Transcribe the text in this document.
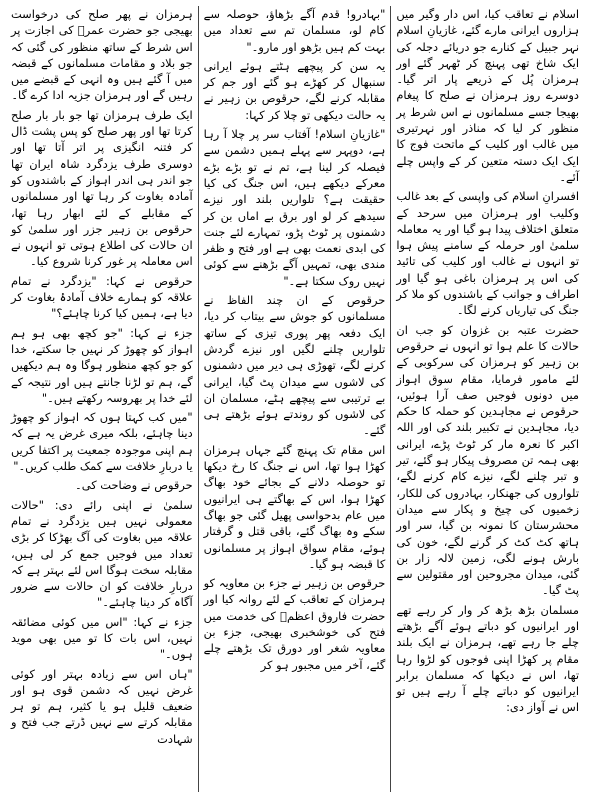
اسلام نے تعاقب کیا، اس دار وگیر میں ہزاروں ایرانی مارے گئے، غازیانِ اسلام نہر جبیل کے کنارے جو دریائے دجلہ کی ایک شاخ تھی پہنچ کر ٹھہر گئے اور ہرمزان پُل کے ذریعے پار اتر گیا۔ دوسرے روز ہرمزان نے صلح کا پیغام بھیجا جسے مسلمانوں نے اس شرط پر منظور کر لیا کہ مناذر اور نہرتیری میں غالب اور کلیب کے ماتحت فوج کا ایک ایک دستہ متعین کر کے واپس چلے آئے۔

افسرانِ اسلام کی واپسی کے بعد غالب وکلیب اور ہرمزان میں سرحد کے متعلق اختلاف پیدا ہو گیا اور یہ معاملہ سلمیٰ اور حرملہ کے سامنے پیش ہوا تو انہوں نے غالب اور کلیب کی تائید کی اس پر ہرمزان باغی ہو گیا اور اطراف و جوانب کے باشندوں کو ملا کر جنگ کی تیاریاں کرنے لگا۔

حضرت عتبہ بن غزوان کو جب ان حالات کا علم ہوا تو انہوں نے حرقوص بن زہیر کو ہرمزان کی سرکوبی کے لئے مامور فرمایا، مقام سوق اہواز میں دونوں فوجیں صف آرا ہوئیں، حرقوص نے مجاہدین کو حملہ کا حکم دیا، مجاہدین نے تکبیر بلند کی اور اللہ اکبر کا نعرہ مار کر ٹوٹ پڑے، ایرانی بھی ہمہ تن مصروف پیکار ہو گئے، تیر و تبر چلنے لگے، نیزے کام کرنے لگے، تلواروں کی جھنکار، بہادروں کی للکار، زخمیوں کی چیخ و پکار سے میدان محشرستان کا نمونہ بن گیا، سر اور ہاتھ کٹ کٹ کر گرنے لگے، خون کی بارش ہونے لگی، زمین لالہ زار بن گئی، میدان مجروحین اور مقتولین سے پٹ گیا۔

مسلمان بڑھ بڑھ کر وار کر رہے تھے اور ایرانیوں کو دباتے ہوئے آگے بڑھتے چلے جا رہے تھے، ہرمزان نے ایک بلند مقام پر کھڑا اپنی فوجوں کو لڑوا رہا تھا، اس نے دیکھا کہ مسلمان برابر ایرانیوں کو دباتے چلے آ رہے ہیں تو اس نے آواز دی:

"بہادرو! قدم آگے بڑھاؤ، حوصلہ سے کام لو، مسلمان تم سے تعداد میں بہت کم ہیں بڑھو اور مارو۔"

یہ سن کر پیچھے ہٹتے ہوئے ایرانی سنبھال کر کھڑے ہو گئے اور جم کر مقابلہ کرنے لگے، حرقوص بن زہیر نے یہ حالت دیکھی تو چلا کر کہا:

"غازیانِ اسلام! آفتاب سر پر چلا آ رہا ہے، دوپہر سے پہلے ہمیں دشمن سے فیصلہ کر لینا ہے، تم نے تو بڑے بڑے معرکے دیکھے ہیں، اس جنگ کی کیا حقیقت ہے؟ تلواریں بلند اور نیزے سیدھے کر لو اور برق بے اماں بن کر دشمنوں پر ٹوٹ پڑو، تمہارے لئے جنت کی ابدی نعمت بھی ہے اور فتح و ظفر مندی بھی، تمہیں آگے بڑھنے سے کوئی نہیں روک سکتا ہے۔"

حرقوص کے ان چند الفاظ نے مسلمانوں کو جوش سے بیتاب کر دیا، ایک دفعہ پھر پوری تیزی کے ساتھ تلواریں چلنے لگیں اور نیزے گردش کرنے لگے، تھوڑی ہی دیر میں دشمنوں کی لاشوں سے میدان پٹ گیا، ایرانی بے ترتیبی سے پیچھے ہٹے، مسلمان ان کی لاشوں کو روندتے ہوئے بڑھتے ہی گئے۔

اس مقام تک پہنچ گئے جہاں ہرمزان کھڑا ہوا تھا، اس نے جنگ کا رخ دیکھا تو حوصلہ دلانے کے بجائے خود بھاگ کھڑا ہوا، اس کے بھاگتے ہی ایرانیوں میں عام بدحواسی پھیل گئی جو بھاگ سکے وہ بھاگ گئے، باقی قتل و گرفتار ہوئے، مقام سواق اہواز پر مسلمانوں کا قبضہ ہو گیا۔

حرقوص بن زہیر نے جزء بن معاویہ کو ہرمزان کے تعاقب کے لئے روانہ کیا اور حضرت فاروق اعظمؓ کی خدمت میں فتح کی خوشخبری بھیجی، جزء بن معاویہ شغر اور دورق تک بڑھتے چلے گئے، آخر میں مجبور ہو کر

ہرمزان نے پھر صلح کی درخواست بھیجی جو حضرت عمرؓ کی اجازت پر اس شرط کے ساتھ منظور کی گئی کہ جو بلاد و مقامات مسلمانوں کے قبضہ میں آ گئے ہیں وہ انہی کے قبضے میں رہیں گے اور ہرمزان جزیہ ادا کرے گا۔

ایک طرف ہرمزان تھا جو بار بار صلح کرتا تھا اور پھر صلح کو پس پشت ڈال کر فتنہ انگیزی پر اتر آتا تھا اور دوسری طرف یزدگرد شاہ ایران تھا جو اندر ہی اندر اہواز کے باشندوں کو آمادہ بغاوت کر رہا تھا اور مسلمانوں کے مقابلے کے لئے ابھار رہا تھا، حرقوص بن زہیر جزر اور سلمیٰ کو ان حالات کی اطلاع ہوتی تو انہوں نے اس معاملہ پر غور کرنا شروع کیا۔

حرقوص نے کہا: "یزدگرد نے تمام علاقہ کو ہمارے خلاف آمادۂ بغاوت کر دیا ہے، ہمیں کیا کرنا چاہئے؟"

جزء نے کہا: "جو کچھ بھی ہو ہم اہواز کو چھوڑ کر نہیں جا سکتے، خدا کو جو کچھ منظور ہوگا وہ ہم دیکھیں گے، ہم تو لڑنا جانتے ہیں اور نتیجہ کے لئے خدا پر بھروسہ رکھتے ہیں۔"

"میں کب کہتا ہوں کہ اہواز کو چھوڑ دینا چاہئے، بلکہ میری غرض یہ ہے کہ ہم اپنی موجودہ جمعیت پر اکتفا کریں یا دربارِ خلافت سے کمک طلب کریں۔"

حرقوص نے وضاحت کی۔

سلمیٰ نے اپنی رائے دی: "حالات معمولی نہیں ہیں یزدگرد نے تمام علاقہ میں بغاوت کی آگ بھڑکا کر بڑی تعداد میں فوجیں جمع کر لی ہیں، مقابلہ سخت ہوگا اس لئے بہتر ہے کہ دربارِ خلافت کو ان حالات سے ضرور آگاہ کر دینا چاہئے۔"

جزء نے کہا: "اس میں کوئی مضائقہ نہیں، اس بات کا تو میں بھی موید ہوں۔"

"ہاں اس سے زیادہ بہتر اور کوئی غرض نہیں کہ دشمن قوی ہو اور ضعیف قلیل ہو یا کثیر، ہم تو ہر مقابلہ کرتے سے نہیں ڈرتے جب فتح و شہادت
